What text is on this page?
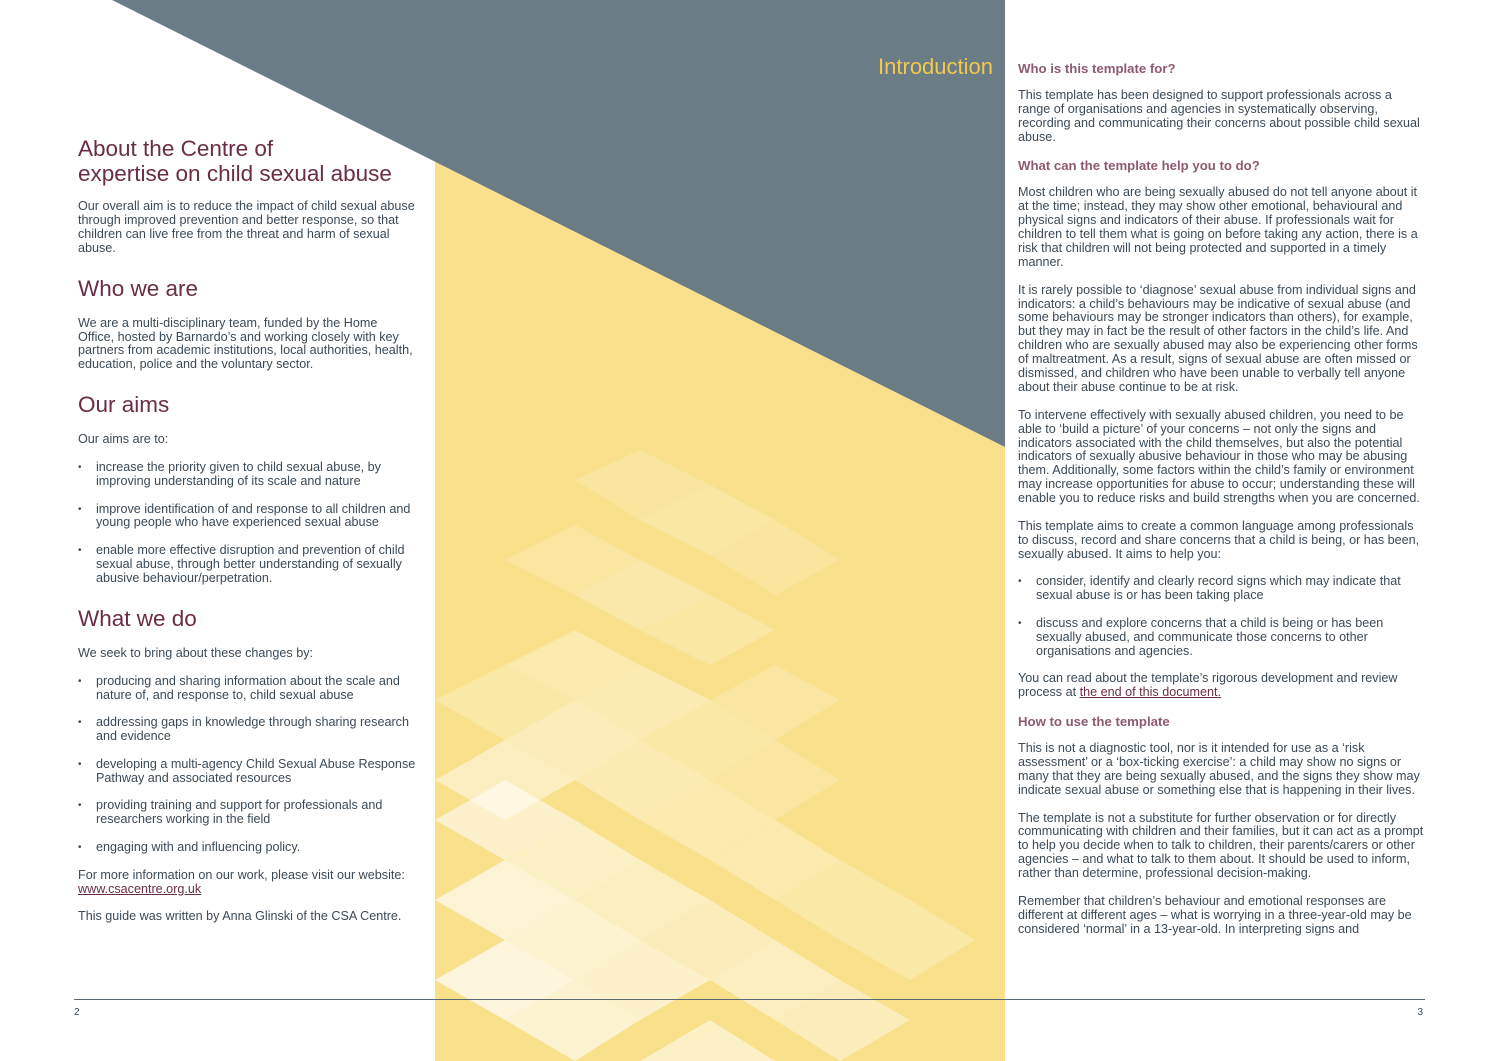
Introduction
About the Centre of
expertise on child sexual abuse

Our overall aim is to reduce the impact of child sexual abuse through improved prevention and better response, so that children can live free from the threat and harm of sexual abuse.

Who we are

We are a multi-disciplinary team, funded by the Home Office, hosted by Barnardo’s and working closely with key partners from academic institutions, local authorities, health, education, police and the voluntary sector.

Our aims

Our aims are to:

• increase the priority given to child sexual abuse, by improving understanding of its scale and nature
• improve identification of and response to all children and young people who have experienced sexual abuse
• enable more effective disruption and prevention of child sexual abuse, through better understanding of sexually abusive behaviour/perpetration.
What we do

We seek to bring about these changes by:

• producing and sharing information about the scale and nature of, and response to, child sexual abuse
• addressing gaps in knowledge through sharing research and evidence
• developing a multi-agency Child Sexual Abuse Response Pathway and associated resources
• providing training and support for professionals and researchers working in the field
• engaging with and influencing policy.

For more information on our work, please visit our website:
www.csacentre.org.uk

This guide was written by Anna Glinski of the CSA Centre.

Who is this template for?

This template has been designed to support professionals across a range of organisations and agencies in systematically observing, recording and communicating their concerns about possible child sexual abuse.

What can the template help you to do?

Most children who are being sexually abused do not tell anyone about it at the time; instead, they may show other emotional, behavioural and physical signs and indicators of their abuse. If professionals wait for children to tell them what is going on before taking any action, there is a risk that children will not being protected and supported in a timely manner.

It is rarely possible to ‘diagnose’ sexual abuse from individual signs and indicators: a child’s behaviours may be indicative of sexual abuse (and some behaviours may be stronger indicators than others), for example, but they may in fact be the result of other factors in the child’s life. And children who are sexually abused may also be experiencing other forms of maltreatment. As a result, signs of sexual abuse are often missed or dismissed, and children who have been unable to verbally tell anyone about their abuse continue to be at risk.

To intervene effectively with sexually abused children, you need to be able to ‘build a picture’ of your concerns – not only the signs and indicators associated with the child themselves, but also the potential indicators of sexually abusive behaviour in those who may be abusing them. Additionally, some factors within the child’s family or environment may increase opportunities for abuse to occur; understanding these will enable you to reduce risks and build strengths when you are concerned.

This template aims to create a common language among professionals to discuss, record and share concerns that a child is being, or has been, sexually abused. It aims to help you:

• consider, identify and clearly record signs which may indicate that sexual abuse is or has been taking place
• discuss and explore concerns that a child is being or has been sexually abused, and communicate those concerns to other organisations and agencies.

You can read about the template’s rigorous development and review process at the end of this document.

How to use the template

This is not a diagnostic tool, nor is it intended for use as a ‘risk assessment’ or a ‘box-ticking exercise’: a child may show no signs or many that they are being sexually abused, and the signs they show may indicate sexual abuse or something else that is happening in their lives.

The template is not a substitute for further observation or for directly communicating with children and their families, but it can act as a prompt to help you decide when to talk to children, their parents/carers or other agencies – and what to talk to them about. It should be used to inform, rather than determine, professional decision-making.

Remember that children’s behaviour and emotional responses are different at different ages – what is worrying in a three-year-old may be considered ‘normal’ in a 13-year-old. In interpreting signs and

2	3
